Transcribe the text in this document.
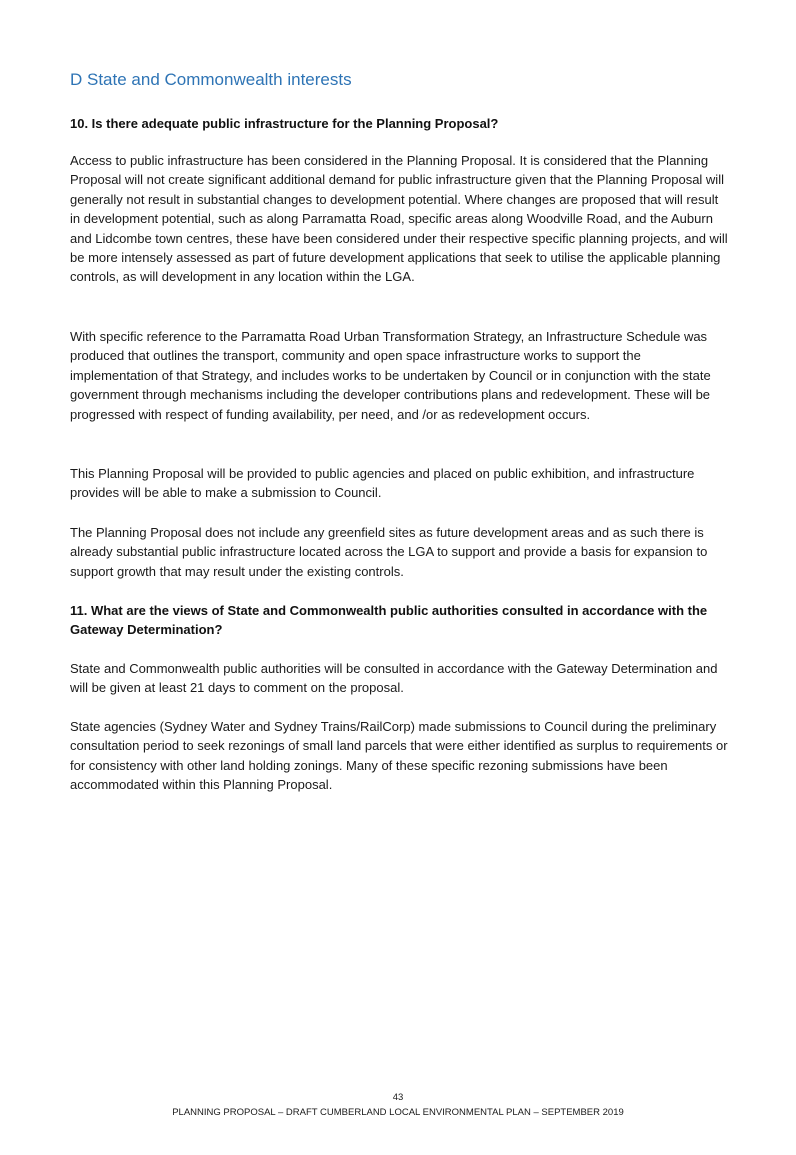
D State and Commonwealth interests

10. Is there adequate public infrastructure for the Planning Proposal?

Access to public infrastructure has been considered in the Planning Proposal. It is considered that the Planning Proposal will not create significant additional demand for public infrastructure given that the Planning Proposal will generally not result in substantial changes to development potential. Where changes are proposed that will result in development potential, such as along Parramatta Road, specific areas along Woodville Road, and the Auburn and Lidcombe town centres, these have been considered under their respective specific planning projects, and will be more intensely assessed as part of future development applications that seek to utilise the applicable planning controls, as will development in any location within the LGA.

With specific reference to the Parramatta Road Urban Transformation Strategy, an Infrastructure Schedule was produced that outlines the transport, community and open space infrastructure works to support the implementation of that Strategy, and includes works to be undertaken by Council or in conjunction with the state government through mechanisms including the developer contributions plans and redevelopment. These will be progressed with respect of funding availability, per need, and /or as redevelopment occurs.

This Planning Proposal will be provided to public agencies and placed on public exhibition, and infrastructure provides will be able to make a submission to Council.

The Planning Proposal does not include any greenfield sites as future development areas and as such there is already substantial public infrastructure located across the LGA to support and provide a basis for expansion to support growth that may result under the existing controls.

11. What are the views of State and Commonwealth public authorities consulted in accordance with the Gateway Determination?

State and Commonwealth public authorities will be consulted in accordance with the Gateway Determination and will be given at least 21 days to comment on the proposal.

State agencies (Sydney Water and Sydney Trains/RailCorp) made submissions to Council during the preliminary consultation period to seek rezonings of small land parcels that were either identified as surplus to requirements or for consistency with other land holding zonings. Many of these specific rezoning submissions have been accommodated within this Planning Proposal.

43

PLANNING PROPOSAL – DRAFT CUMBERLAND LOCAL ENVIRONMENTAL PLAN – SEPTEMBER 2019
